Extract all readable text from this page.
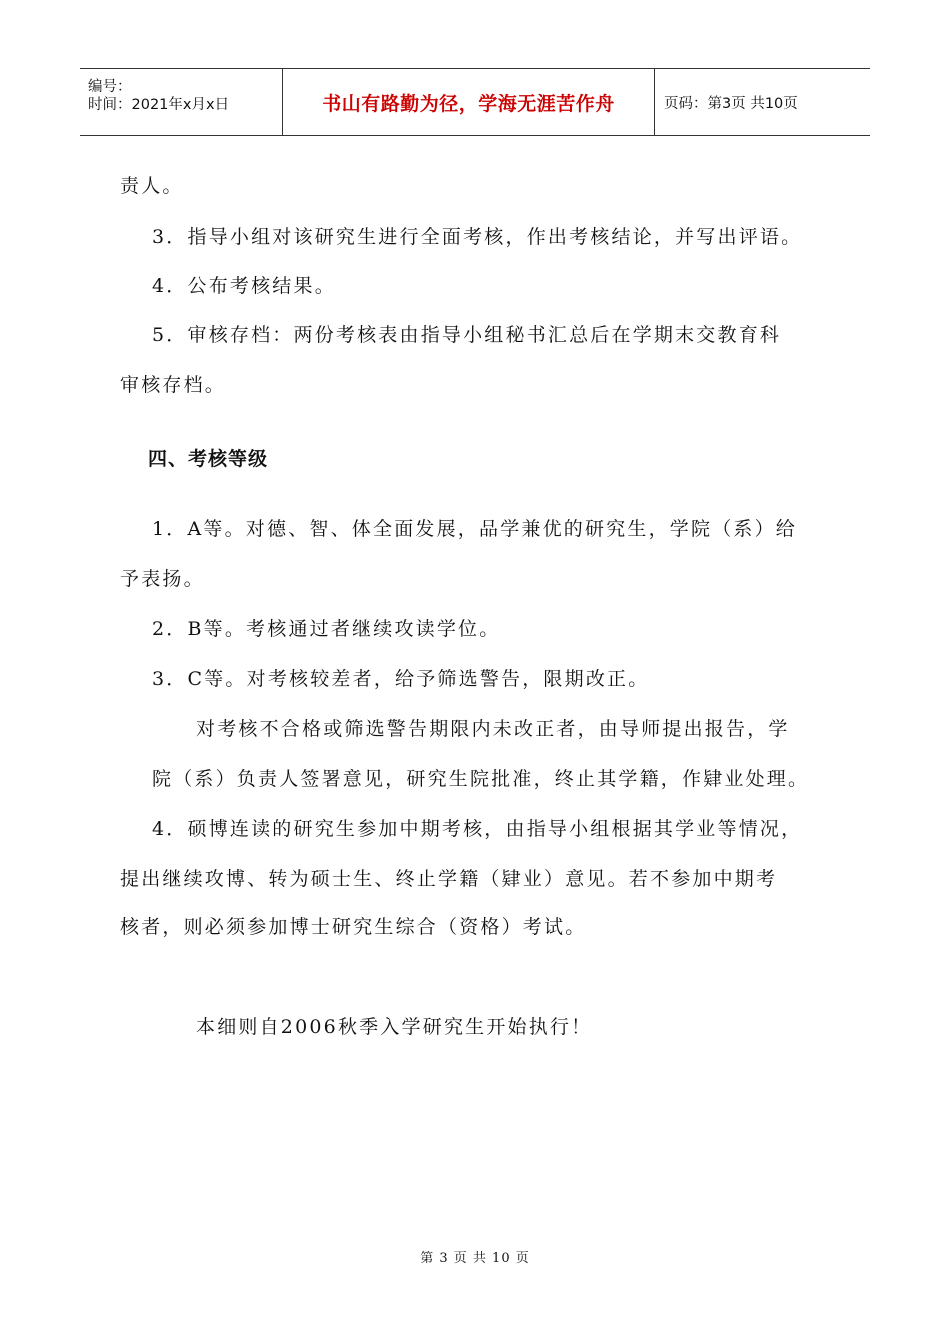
编号：
时间：2021年x月x日	书山有路勤为径，学海无涯苦作舟	页码：第3页 共10页
责人。
3．指导小组对该研究生进行全面考核，作出考核结论，并写出评语。
4．公布考核结果。
5．审核存档：两份考核表由指导小组秘书汇总后在学期末交教育科
审核存档。
四、考核等级
1．A等。对德、智、体全面发展，品学兼优的研究生，学院（系）给
予表扬。
2．B等。考核通过者继续攻读学位。
3．C等。对考核较差者，给予筛选警告，限期改正。
对考核不合格或筛选警告期限内未改正者，由导师提出报告，学
院（系）负责人签署意见，研究生院批准，终止其学籍，作肄业处理。
4．硕博连读的研究生参加中期考核，由指导小组根据其学业等情况，
提出继续攻博、转为硕士生、终止学籍（肄业）意见。若不参加中期考
核者，则必须参加博士研究生综合（资格）考试。
本细则自2006秋季入学研究生开始执行！
第 3 页 共 10 页
